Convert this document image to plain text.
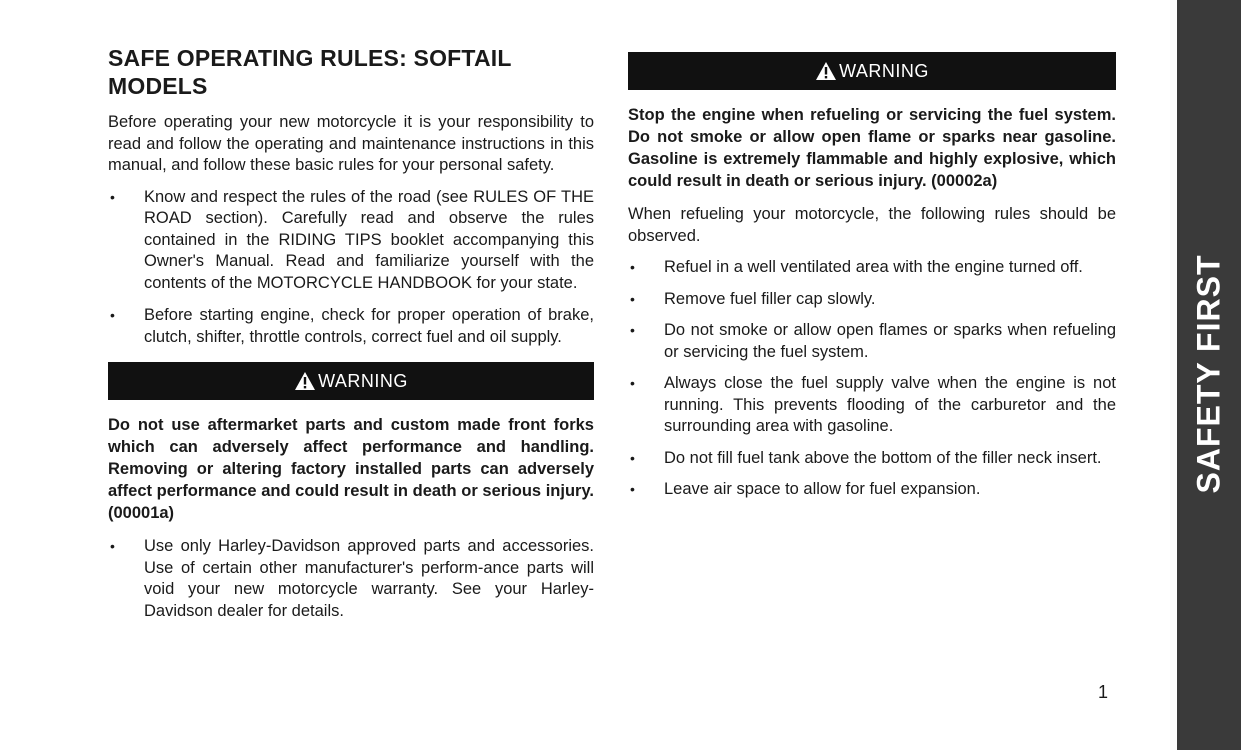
SAFE OPERATING RULES: SOFTAIL MODELS

Before operating your new motorcycle it is your responsibility to read and follow the operating and maintenance instructions in this manual, and follow these basic rules for your personal safety.

• Know and respect the rules of the road (see RULES OF THE ROAD section). Carefully read and observe the rules contained in the RIDING TIPS booklet accompanying this Owner's Manual. Read and familiarize yourself with the contents of the MOTORCYCLE HANDBOOK for your state.
• Before starting engine, check for proper operation of brake, clutch, shifter, throttle controls, correct fuel and oil supply.
WARNING

Do not use aftermarket parts and custom made front forks which can adversely affect performance and handling. Removing or altering factory installed parts can adversely affect performance and could result in death or serious injury. (00001a)

• Use only Harley-Davidson approved parts and accessories. Use of certain other manufacturer's perform-ance parts will void your new motorcycle warranty. See your Harley-Davidson dealer for details.
WARNING

Stop the engine when refueling or servicing the fuel system. Do not smoke or allow open flame or sparks near gasoline. Gasoline is extremely flammable and highly explosive, which could result in death or serious injury. (00002a)

When refueling your motorcycle, the following rules should be observed.

• Refuel in a well ventilated area with the engine turned off.
• Remove fuel filler cap slowly.
• Do not smoke or allow open flames or sparks when refueling or servicing the fuel system.
• Always close the fuel supply valve when the engine is not running. This prevents flooding of the carburetor and the surrounding area with gasoline.
• Do not fill fuel tank above the bottom of the filler neck insert.
• Leave air space to allow for fuel expansion.
1
SAFETY FIRST
